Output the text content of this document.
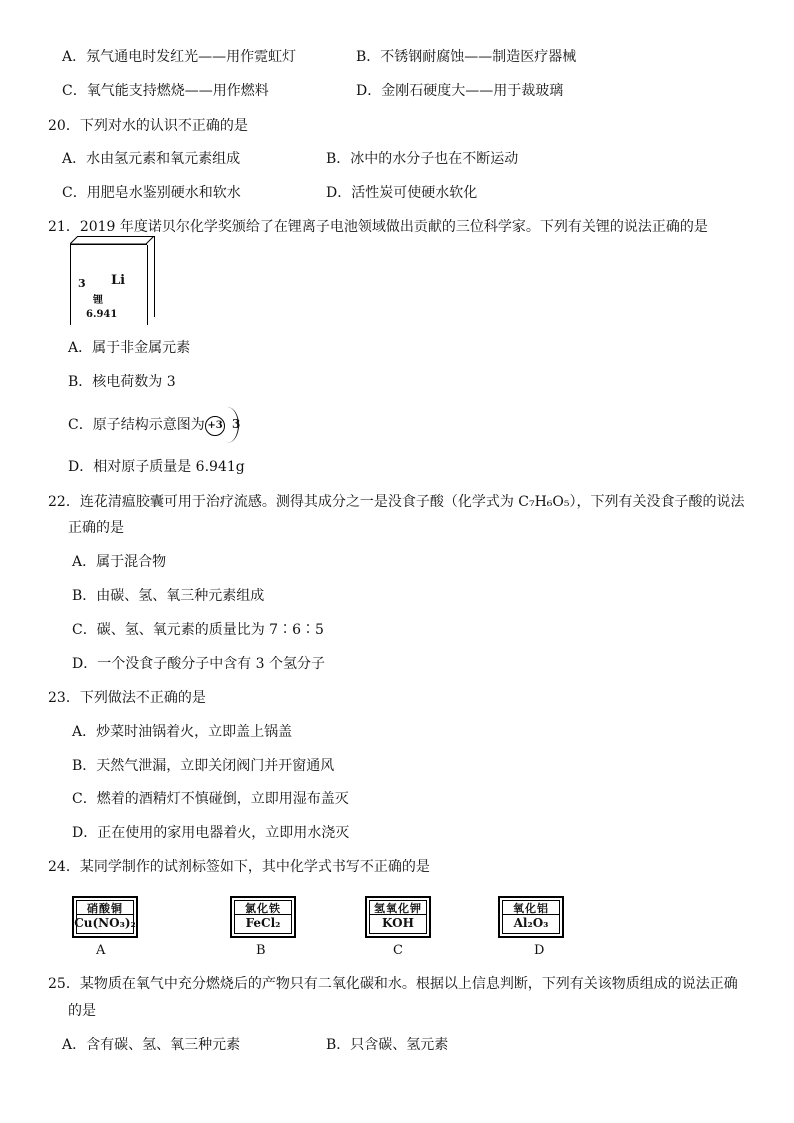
A．氖气通电时发红光——用作霓虹灯	B．不锈钢耐腐蚀——制造医疗器械
C．氧气能支持燃烧——用作燃料	D．金刚石硬度大——用于裁玻璃
20．下列对水的认识不正确的是
A．水由氢元素和氧元素组成	B．冰中的水分子也在不断运动
C．用肥皂水鉴别硬水和软水	D．活性炭可使硬水软化
21．2019 年度诺贝尔化学奖颁给了在锂离子电池领域做出贡献的三位科学家。下列有关锂的说法正确的是
3 Li
锂
6.941
A．属于非金属元素
B．核电荷数为 3
C．原子结构示意图为 +3 3
D．相对原子质量是 6.941g
22．连花清瘟胶囊可用于治疗流感。测得其成分之一是没食子酸（化学式为 C₇H₆O₅），下列有关没食子酸的说法
正确的是
A．属于混合物
B．由碳、氢、氧三种元素组成
C．碳、氢、氧元素的质量比为 7∶6∶5
D．一个没食子酸分子中含有 3 个氢分子
23．下列做法不正确的是
A．炒菜时油锅着火，立即盖上锅盖
B．天然气泄漏，立即关闭阀门并开窗通风
C．燃着的酒精灯不慎碰倒，立即用湿布盖灭
D．正在使用的家用电器着火，立即用水浇灭
24．某同学制作的试剂标签如下，其中化学式书写不正确的是
硝酸铜
Cu(NO₃)₂
A
氯化铁
FeCl₂
B
氢氧化钾
KOH
C
氧化铝
Al₂O₃
D
25．某物质在氧气中充分燃烧后的产物只有二氧化碳和水。根据以上信息判断，下列有关该物质组成的说法正确
的是
A．含有碳、氢、氧三种元素	B．只含碳、氢元素
